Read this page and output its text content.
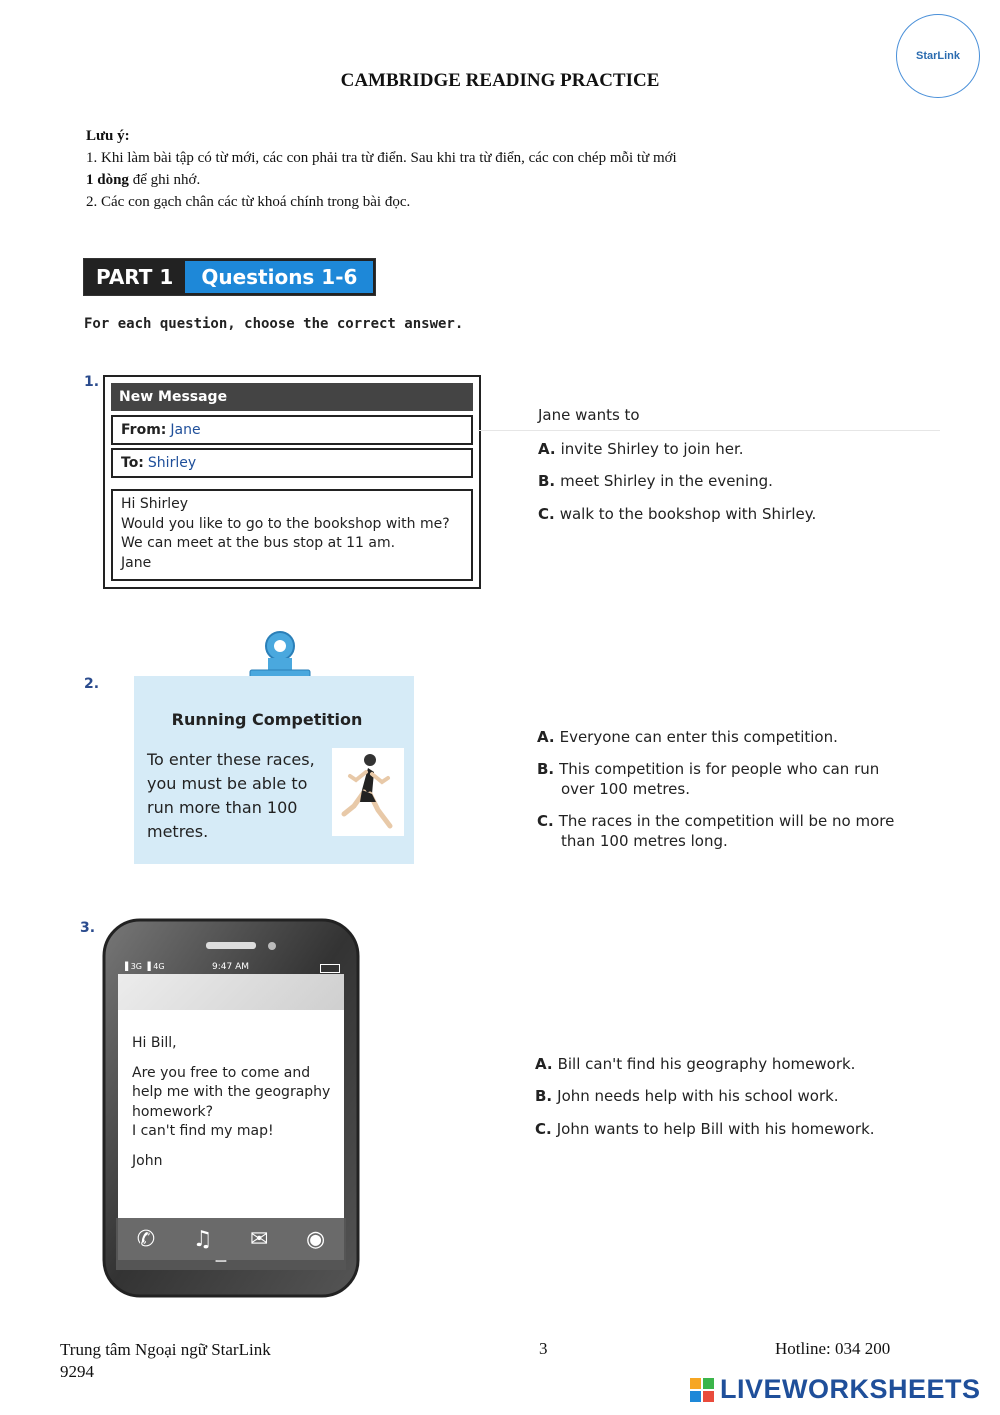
StarLink
CAMBRIDGE READING PRACTICE
Lưu ý:
1. Khi làm bài tập có từ mới, các con phải tra từ điển. Sau khi tra từ điển, các con chép mỗi từ mới
1 dòng để ghi nhớ.
2. Các con gạch chân các từ khoá chính trong bài đọc.
PART 1	Questions 1-6
For each question, choose the correct answer.
1.
New Message
From: Jane
To: Shirley
Hi Shirley
Would you like to go to the bookshop with me?
We can meet at the bus stop at 11 am.
Jane
Jane wants to
A. invite Shirley to join her.
B. meet Shirley in the evening.
C. walk to the bookshop with Shirley.
2.
Running Competition
To enter these races,
you must be able to
run more than 100
metres.
A. Everyone can enter this competition.
B. This competition is for people who can run
over 100 metres.
C. The races in the competition will be no more
than 100 metres long.
3.
▐ 3G ▐ 4G	9:47 AM
Hi Bill,
Are you free to come and
help me with the geography
homework?
I can't find my map!
John
✆ ♫ ✉ ◉
A. Bill can't find his geography homework.
B. John needs help with his school work.
C. John wants to help Bill with his homework.
Trung tâm Ngoại ngữ StarLink
9294
3	Hotline: 034 200
LIVEWORKSHEETS
